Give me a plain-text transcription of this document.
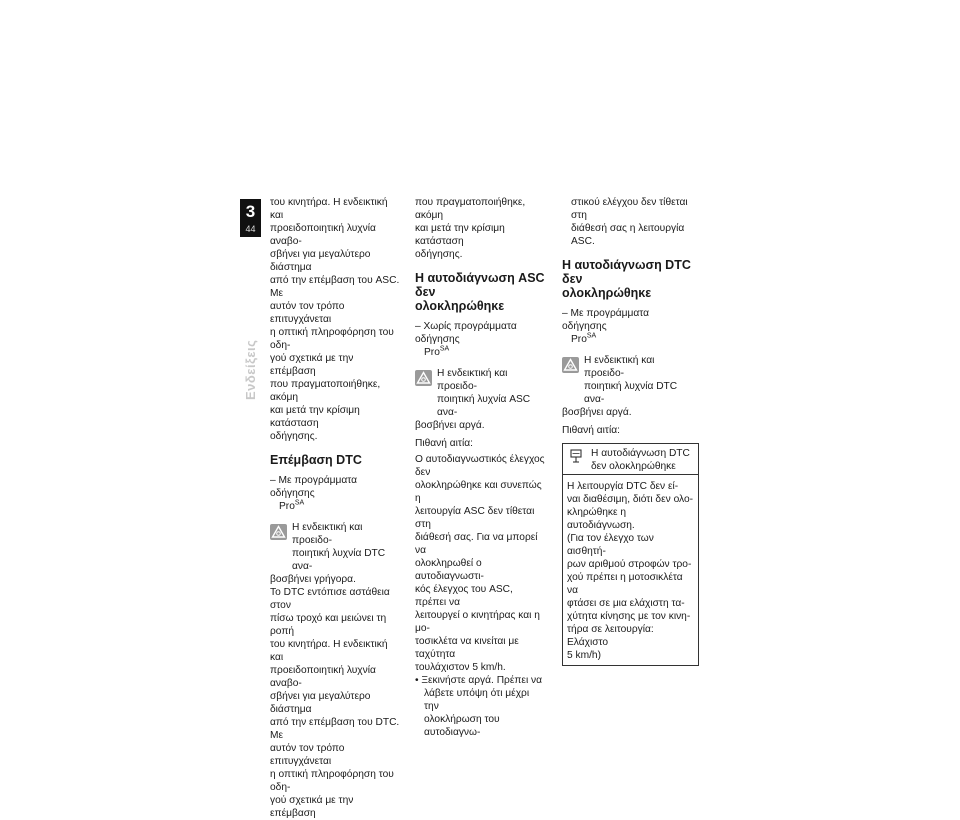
3
44
Ενδείξεις

του κινητήρα. Η ενδεικτική και

προειδοποιητική λυχνία αναβο-

σβήνει για μεγαλύτερο διάστημα

από την επέμβαση του ASC. Με

αυτόν τον τρόπο επιτυγχάνεται

η οπτική πληροφόρηση του οδη-

γού σχετικά με την επέμβαση

που πραγματοποιήθηκε, ακόμη

και μετά την κρίσιμη κατάσταση

οδήγησης.

Επέμβαση DTC

– Με προγράμματα οδήγησης

Pro$^{SA}$

Η ενδεικτική και προειδο-

ποιητική λυχνία DTC ανα-

βοσβήνει γρήγορα.

Το DTC εντόπισε αστάθεια στον

πίσω τροχό και μειώνει τη ροπή

του κινητήρα. Η ενδεικτική και

προειδοποιητική λυχνία αναβο-

σβήνει για μεγαλύτερο διάστημα

από την επέμβαση του DTC. Με

αυτόν τον τρόπο επιτυγχάνεται

η οπτική πληροφόρηση του οδη-

γού σχετικά με την επέμβαση

που πραγματοποιήθηκε, ακόμη

και μετά την κρίσιμη κατάσταση

οδήγησης.

Η αυτοδιάγνωση ASC δεν
ολοκληρώθηκε

– Χωρίς προγράμματα οδήγησης

Pro$^{SA}$

Η ενδεικτική και προειδο-

ποιητική λυχνία ASC ανα-

βοσβήνει αργά.

Πιθανή αιτία:

Ο αυτοδιαγνωστικός έλεγχος δεν

ολοκληρώθηκε και συνεπώς η

λειτουργία ASC δεν τίθεται στη

διάθεσή σας. Για να μπορεί να

ολοκληρωθεί ο αυτοδιαγνωστι-

κός έλεγχος του ASC, πρέπει να

λειτουργεί ο κινητήρας και η μο-

τοσικλέτα να κινείται με ταχύτητα

τουλάχιστον 5 km/h.

• Ξεκινήστε αργά. Πρέπει να

λάβετε υπόψη ότι μέχρι την

ολοκλήρωση του αυτοδιαγνω-

στικού ελέγχου δεν τίθεται στη

διάθεσή σας η λειτουργία ASC.

Η αυτοδιάγνωση DTC δεν
ολοκληρώθηκε

– Με προγράμματα οδήγησης

Pro$^{SA}$

Η ενδεικτική και προειδο-

ποιητική λυχνία DTC ανα-

βοσβήνει αργά.

Πιθανή αιτία:

Η αυτοδιάγνωση DTC

δεν ολοκληρώθηκε

Η λειτουργία DTC δεν εί-

ναι διαθέσιμη, διότι δεν ολο-

κληρώθηκε η αυτοδιάγνωση.

(Για τον έλεγχο των αισθητή-

ρων αριθμού στροφών τρο-

χού πρέπει η μοτοσικλέτα να

φτάσει σε μια ελάχιστη τα-

χύτητα κίνησης με τον κινη-

τήρα σε λειτουργία: Ελάχιστο

5 km/h)
